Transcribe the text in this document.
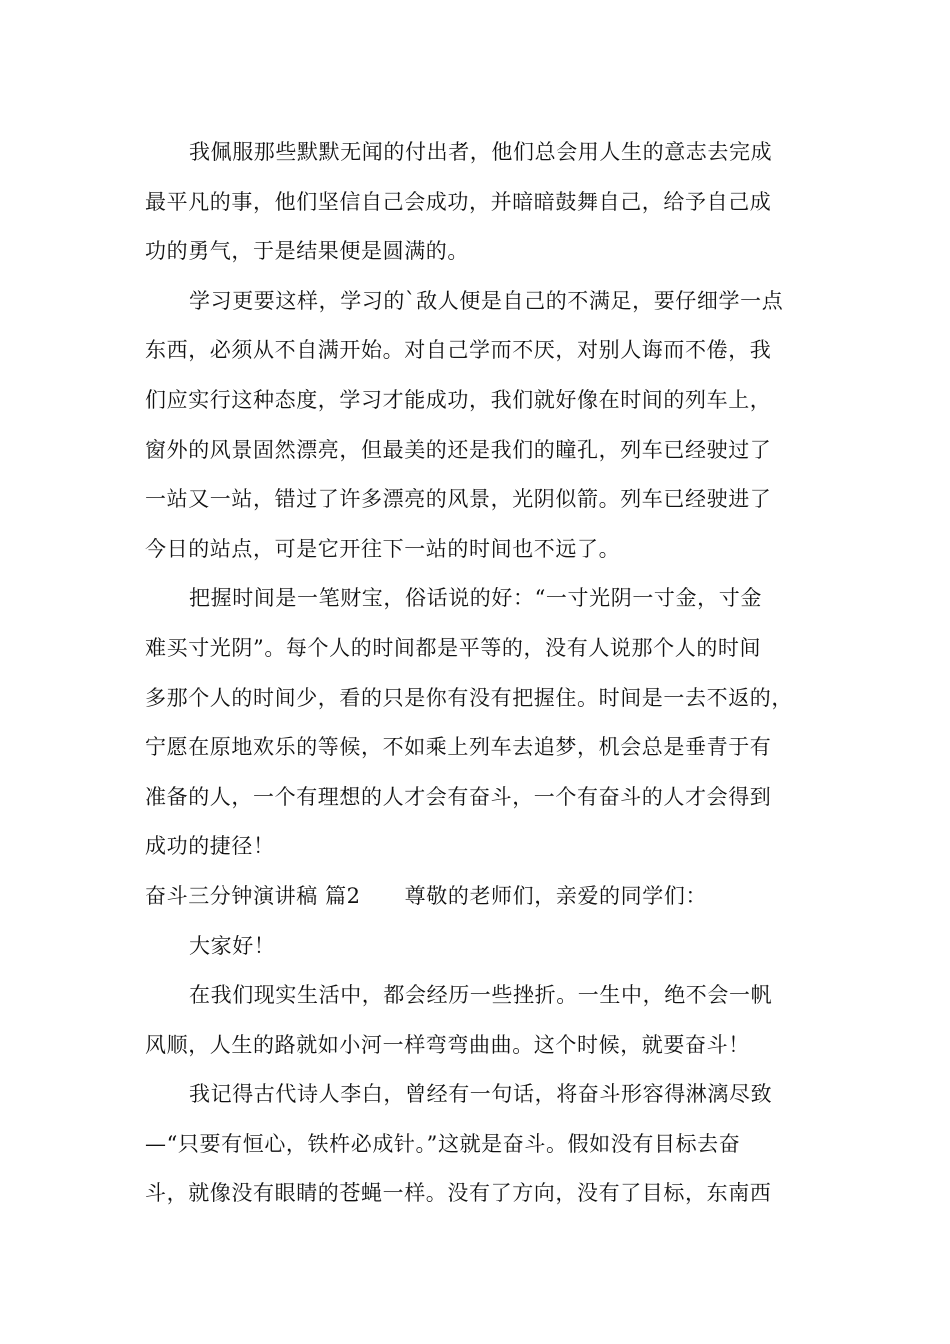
我佩服那些默默无闻的付出者，他们总会用人生的意志去完成
最平凡的事，他们坚信自己会成功，并暗暗鼓舞自己，给予自己成
功的勇气，于是结果便是圆满的。
学习更要这样，学习的`敌人便是自己的不满足，要仔细学一点
东西，必须从不自满开始。对自己学而不厌，对别人诲而不倦，我
们应实行这种态度，学习才能成功，我们就好像在时间的列车上，
窗外的风景固然漂亮，但最美的还是我们的瞳孔，列车已经驶过了
一站又一站，错过了许多漂亮的风景，光阴似箭。列车已经驶进了
今日的站点，可是它开往下一站的时间也不远了。
把握时间是一笔财宝，俗话说的好：“一寸光阴一寸金，寸金
难买寸光阴”。每个人的时间都是平等的，没有人说那个人的时间
多那个人的时间少，看的只是你有没有把握住。时间是一去不返的，
宁愿在原地欢乐的等候，不如乘上列车去追梦，机会总是垂青于有
准备的人，一个有理想的人才会有奋斗，一个有奋斗的人才会得到
成功的捷径！
奋斗三分钟演讲稿 篇2 尊敬的老师们，亲爱的同学们：
大家好！
在我们现实生活中，都会经历一些挫折。一生中，绝不会一帆
风顺，人生的路就如小河一样弯弯曲曲。这个时候，就要奋斗！
我记得古代诗人李白，曾经有一句话，将奋斗形容得淋漓尽致
—“只要有恒心，铁杵必成针。”这就是奋斗。假如没有目标去奋
斗，就像没有眼睛的苍蝇一样。没有了方向，没有了目标，东南西
